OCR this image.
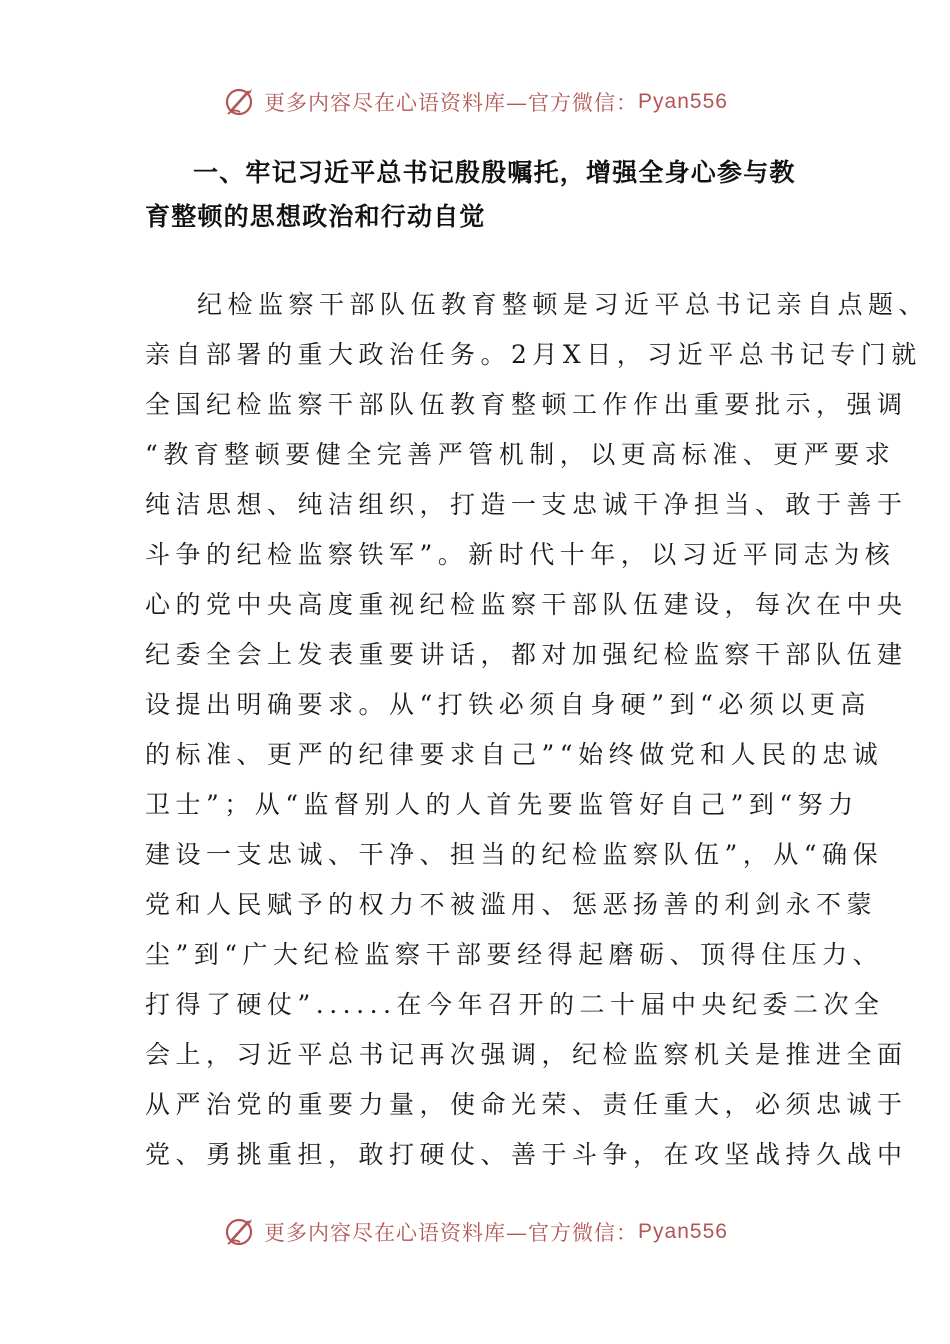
更多内容尽在心语资料库—官方微信： Pyan556
一、牢记习近平总书记殷殷嘱托，增强全身心参与教
育整顿的思想政治和行动自觉
纪检监察干部队伍教育整顿是习近平总书记亲自点题、
亲自部署的重大政治任务。2月X日，习近平总书记专门就
全国纪检监察干部队伍教育整顿工作作出重要批示，强调
“教育整顿要健全完善严管机制，以更高标准、更严要求
纯洁思想、纯洁组织，打造一支忠诚干净担当、敢于善于
斗争的纪检监察铁军”。新时代十年，以习近平同志为核
心的党中央高度重视纪检监察干部队伍建设，每次在中央
纪委全会上发表重要讲话，都对加强纪检监察干部队伍建
设提出明确要求。从“打铁必须自身硬”到“必须以更高
的标准、更严的纪律要求自己”“始终做党和人民的忠诚
卫士”；从“监督别人的人首先要监管好自己”到“努力
建设一支忠诚、干净、担当的纪检监察队伍”，从“确保
党和人民赋予的权力不被滥用、惩恶扬善的利剑永不蒙
尘”到“广大纪检监察干部要经得起磨砺、顶得住压力、
打得了硬仗”......在今年召开的二十届中央纪委二次全
会上，习近平总书记再次强调，纪检监察机关是推进全面
从严治党的重要力量，使命光荣、责任重大，必须忠诚于
党、勇挑重担，敢打硬仗、善于斗争，在攻坚战持久战中
更多内容尽在心语资料库—官方微信： Pyan556
